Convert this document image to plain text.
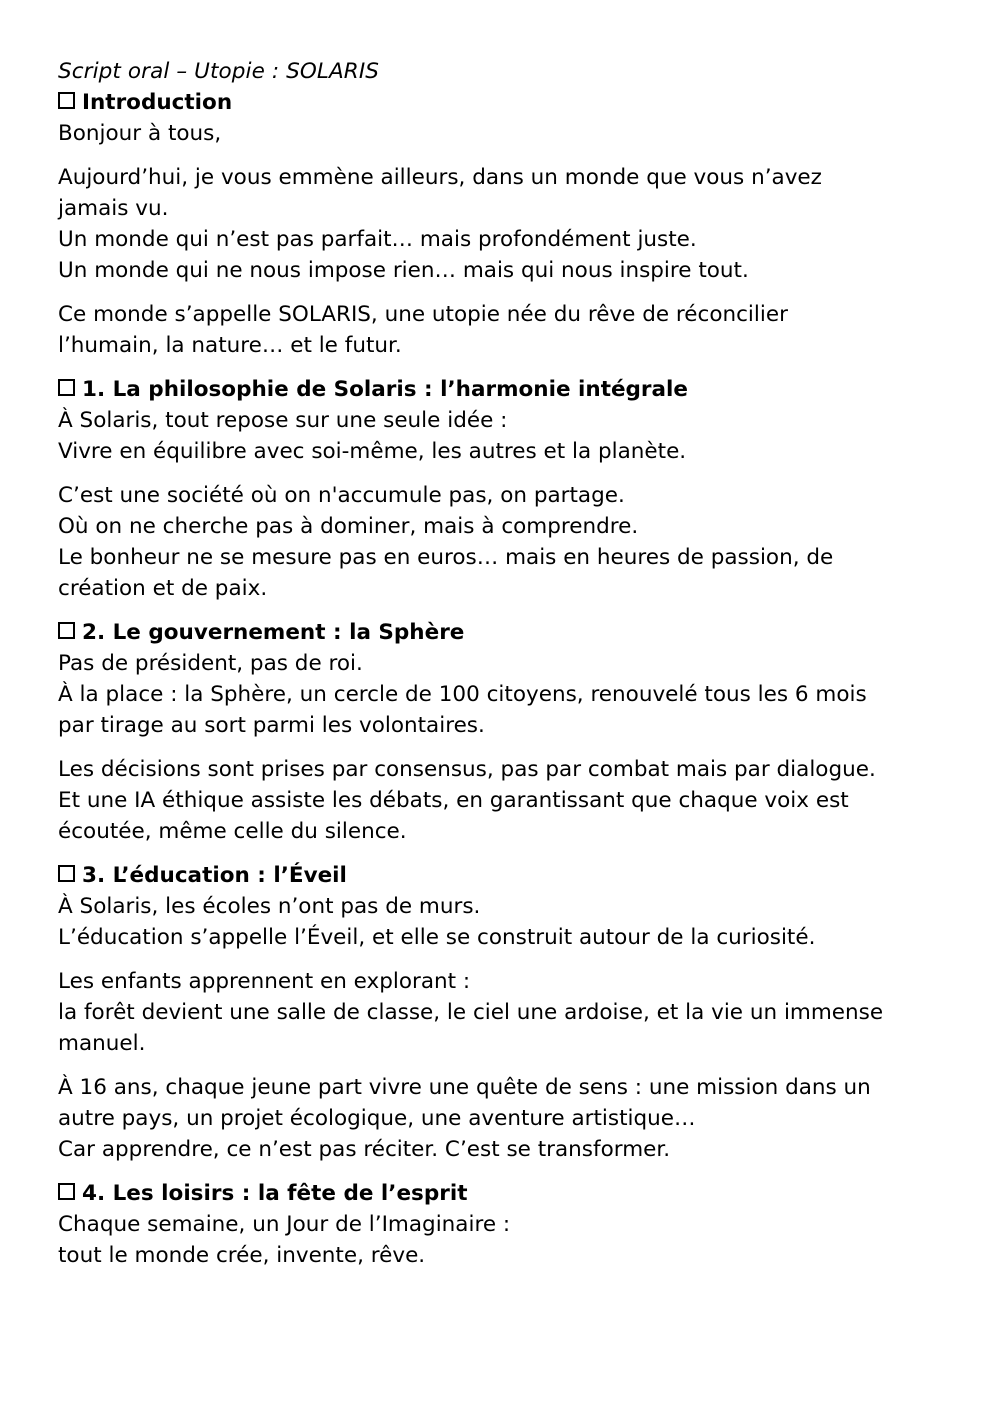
Script oral – Utopie : SOLARIS
Introduction

Bonjour à tous,

Aujourd’hui, je vous emmène ailleurs, dans un monde que vous n’avez jamais vu.
Un monde qui n’est pas parfait… mais profondément juste.
Un monde qui ne nous impose rien… mais qui nous inspire tout.

Ce monde s’appelle SOLARIS, une utopie née du rêve de réconcilier l’humain, la nature… et le futur.

1. La philosophie de Solaris : l’harmonie intégrale

À Solaris, tout repose sur une seule idée :
Vivre en équilibre avec soi-même, les autres et la planète.

C’est une société où on n'accumule pas, on partage.
Où on ne cherche pas à dominer, mais à comprendre.
Le bonheur ne se mesure pas en euros… mais en heures de passion, de création et de paix.

2. Le gouvernement : la Sphère

Pas de président, pas de roi.
À la place : la Sphère, un cercle de 100 citoyens, renouvelé tous les 6 mois par tirage au sort parmi les volontaires.

Les décisions sont prises par consensus, pas par combat mais par dialogue.
Et une IA éthique assiste les débats, en garantissant que chaque voix est écoutée, même celle du silence.

3. L’éducation : l’Éveil

À Solaris, les écoles n’ont pas de murs.
L’éducation s’appelle l’Éveil, et elle se construit autour de la curiosité.

Les enfants apprennent en explorant :
la forêt devient une salle de classe, le ciel une ardoise, et la vie un immense manuel.

À 16 ans, chaque jeune part vivre une quête de sens : une mission dans un autre pays, un projet écologique, une aventure artistique…
Car apprendre, ce n’est pas réciter. C’est se transformer.

4. Les loisirs : la fête de l’esprit

Chaque semaine, un Jour de l’Imaginaire :
tout le monde crée, invente, rêve.
